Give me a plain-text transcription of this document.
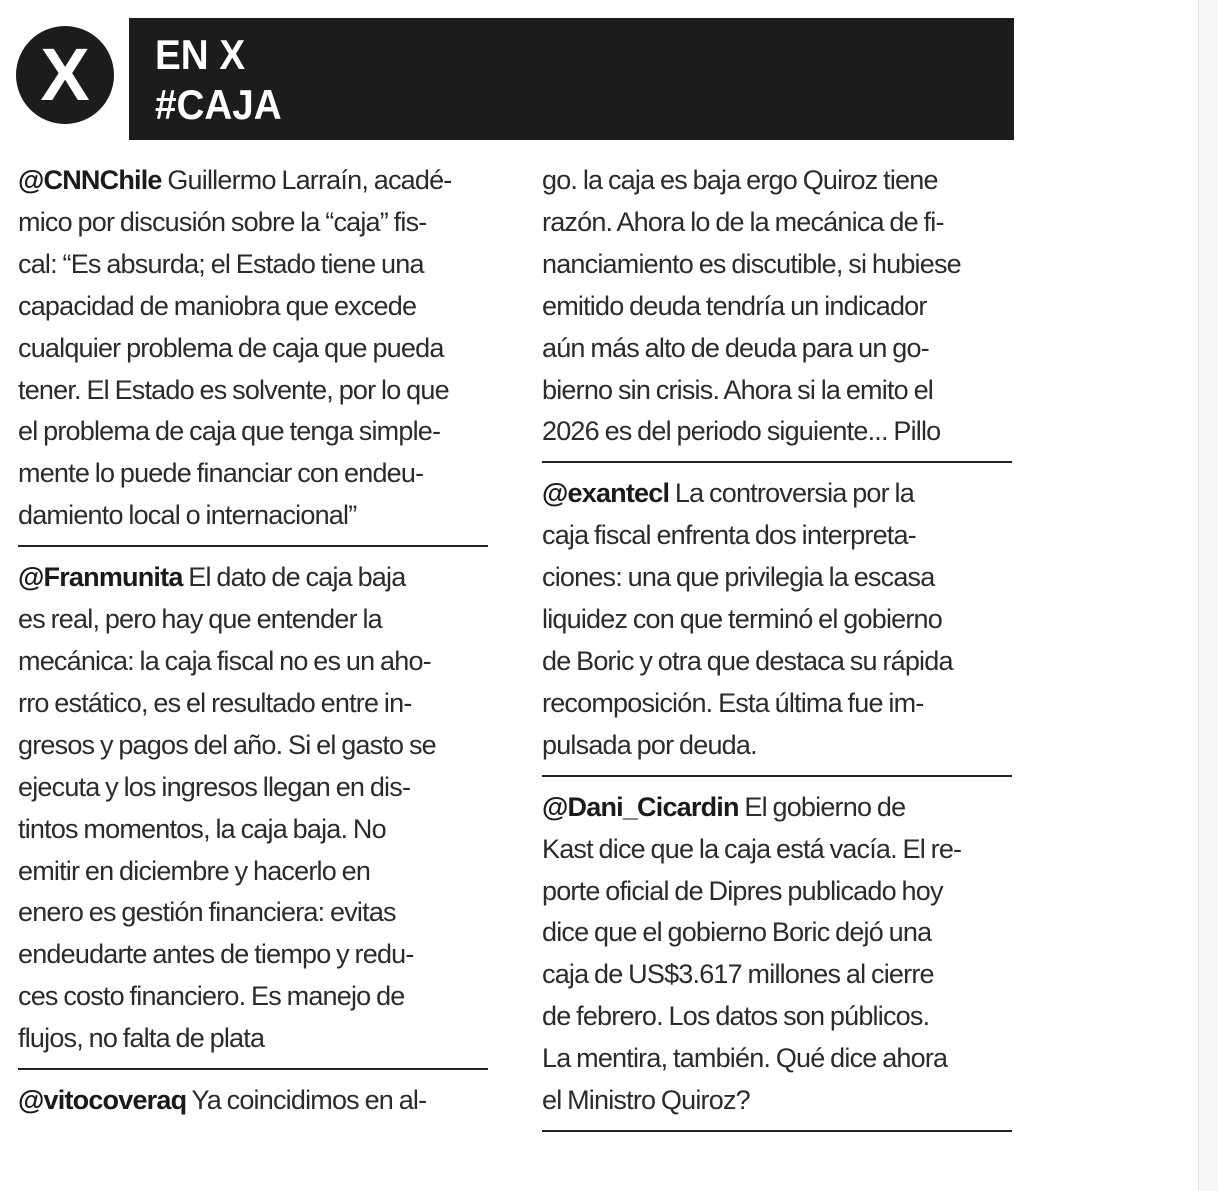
X EN X
#CAJA
@CNNChile Guillermo Larraín, acadé-
mico por discusión sobre la “caja” fis-
cal: “Es absurda; el Estado tiene una
capacidad de maniobra que excede
cualquier problema de caja que pueda
tener. El Estado es solvente, por lo que
el problema de caja que tenga simple-
mente lo puede financiar con endeu-
damiento local o internacional”
@Franmunita El dato de caja baja
es real, pero hay que entender la
mecánica: la caja fiscal no es un aho-
rro estático, es el resultado entre in-
gresos y pagos del año. Si el gasto se
ejecuta y los ingresos llegan en dis-
tintos momentos, la caja baja. No
emitir en diciembre y hacerlo en
enero es gestión financiera: evitas
endeudarte antes de tiempo y redu-
ces costo financiero. Es manejo de
flujos, no falta de plata
@vitocoveraq Ya coincidimos en al-
go. la caja es baja ergo Quiroz tiene
razón. Ahora lo de la mecánica de fi-
nanciamiento es discutible, si hubiese
emitido deuda tendría un indicador
aún más alto de deuda para un go-
bierno sin crisis. Ahora si la emito el
2026 es del periodo siguiente... Pillo
@exantecl La controversia por la
caja fiscal enfrenta dos interpreta-
ciones: una que privilegia la escasa
liquidez con que terminó el gobierno
de Boric y otra que destaca su rápida
recomposición. Esta última fue im-
pulsada por deuda.
@Dani_Cicardin El gobierno de
Kast dice que la caja está vacía. El re-
porte oficial de Dipres publicado hoy
dice que el gobierno Boric dejó una
caja de US$3.617 millones al cierre
de febrero. Los datos son públicos.
La mentira, también. Qué dice ahora
el Ministro Quiroz?
